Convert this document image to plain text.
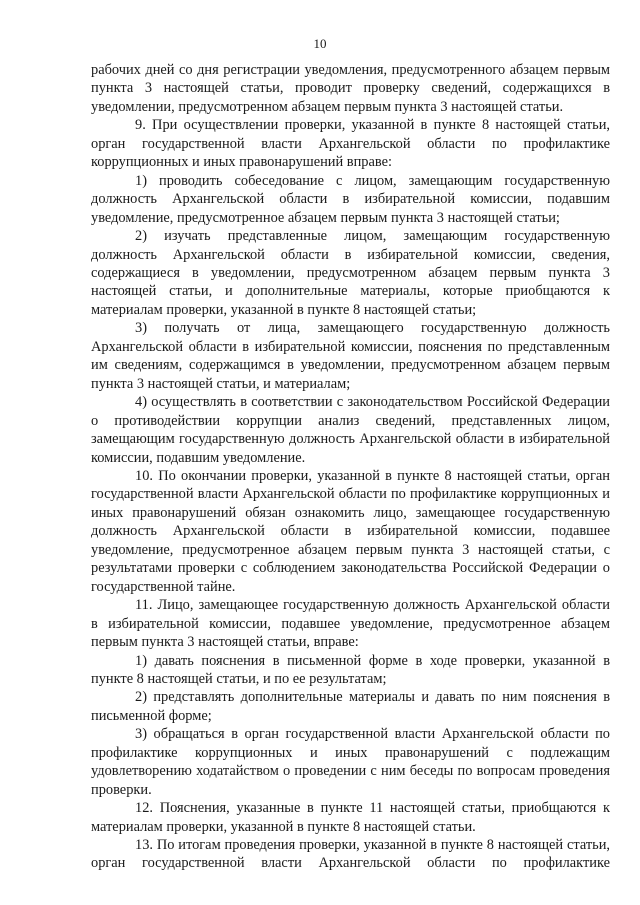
10

рабочих дней со дня регистрации уведомления, предусмотренного абзацем первым пункта 3 настоящей статьи, проводит проверку сведений, содержащихся в уведомлении, предусмотренном абзацем первым пункта 3 настоящей статьи.

9. При осуществлении проверки, указанной в пункте 8 настоящей статьи, орган государственной власти Архангельской области по профилактике коррупционных и иных правонарушений вправе:

1) проводить собеседование с лицом, замещающим государственную должность Архангельской области в избирательной комиссии, подавшим уведомление, предусмотренное абзацем первым пункта 3 настоящей статьи;

2) изучать представленные лицом, замещающим государственную должность Архангельской области в избирательной комиссии, сведения, содержащиеся в уведомлении, предусмотренном абзацем первым пункта 3 настоящей статьи, и дополнительные материалы, которые приобщаются к материалам проверки, указанной в пункте 8 настоящей статьи;

3) получать от лица, замещающего государственную должность Архангельской области в избирательной комиссии, пояснения по представленным им сведениям, содержащимся в уведомлении, предусмотренном абзацем первым пункта 3 настоящей статьи, и материалам;

4) осуществлять в соответствии с законодательством Российской Федерации о противодействии коррупции анализ сведений, представленных лицом, замещающим государственную должность Архангельской области в избирательной комиссии, подавшим уведомление.

10. По окончании проверки, указанной в пункте 8 настоящей статьи, орган государственной власти Архангельской области по профилактике коррупционных и иных правонарушений обязан ознакомить лицо, замещающее государственную должность Архангельской области в избирательной комиссии, подавшее уведомление, предусмотренное абзацем первым пункта 3 настоящей статьи, с результатами проверки с соблюдением законодательства Российской Федерации о государственной тайне.

11. Лицо, замещающее государственную должность Архангельской области в избирательной комиссии, подавшее уведомление, предусмотренное абзацем первым пункта 3 настоящей статьи, вправе:

1) давать пояснения в письменной форме в ходе проверки, указанной в пункте 8 настоящей статьи, и по ее результатам;

2) представлять дополнительные материалы и давать по ним пояснения в письменной форме;

3) обращаться в орган государственной власти Архангельской области по профилактике коррупционных и иных правонарушений с подлежащим удовлетворению ходатайством о проведении с ним беседы по вопросам проведения проверки.

12. Пояснения, указанные в пункте 11 настоящей статьи, приобщаются к материалам проверки, указанной в пункте 8 настоящей статьи.

13. По итогам проведения проверки, указанной в пункте 8 настоящей статьи, орган государственной власти Архангельской области по профилактике
